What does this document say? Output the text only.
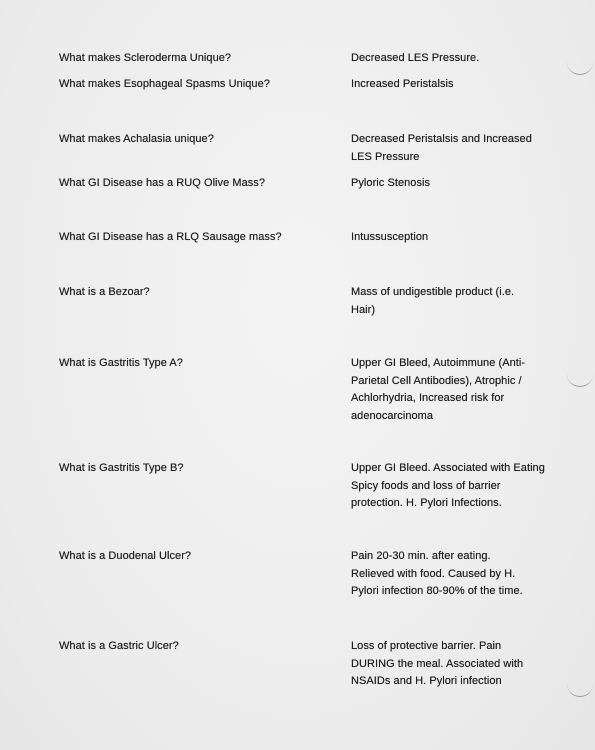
What makes Scleroderma Unique?	Decreased LES Pressure.
What makes Esophageal Spasms Unique?	Increased Peristalsis
What makes Achalasia unique?	Decreased Peristalsis and Increased LES Pressure
What GI Disease has a RUQ Olive Mass?	Pyloric Stenosis
What GI Disease has a RLQ Sausage mass?	Intussusception
What is a Bezoar?	Mass of undigestible product (i.e. Hair)
What is Gastritis Type A?	Upper GI Bleed, Autoimmune (Anti-Parietal Cell Antibodies), Atrophic / Achlorhydria, Increased risk for adenocarcinoma
What is Gastritis Type B?	Upper GI Bleed. Associated with Eating Spicy foods and loss of barrier protection. H. Pylori Infections.
What is a Duodenal Ulcer?	Pain 20-30 min. after eating. Relieved with food. Caused by H. Pylori infection 80-90% of the time.
What is a Gastric Ulcer?	Loss of protective barrier. Pain DURING the meal. Associated with NSAIDs and H. Pylori infection
